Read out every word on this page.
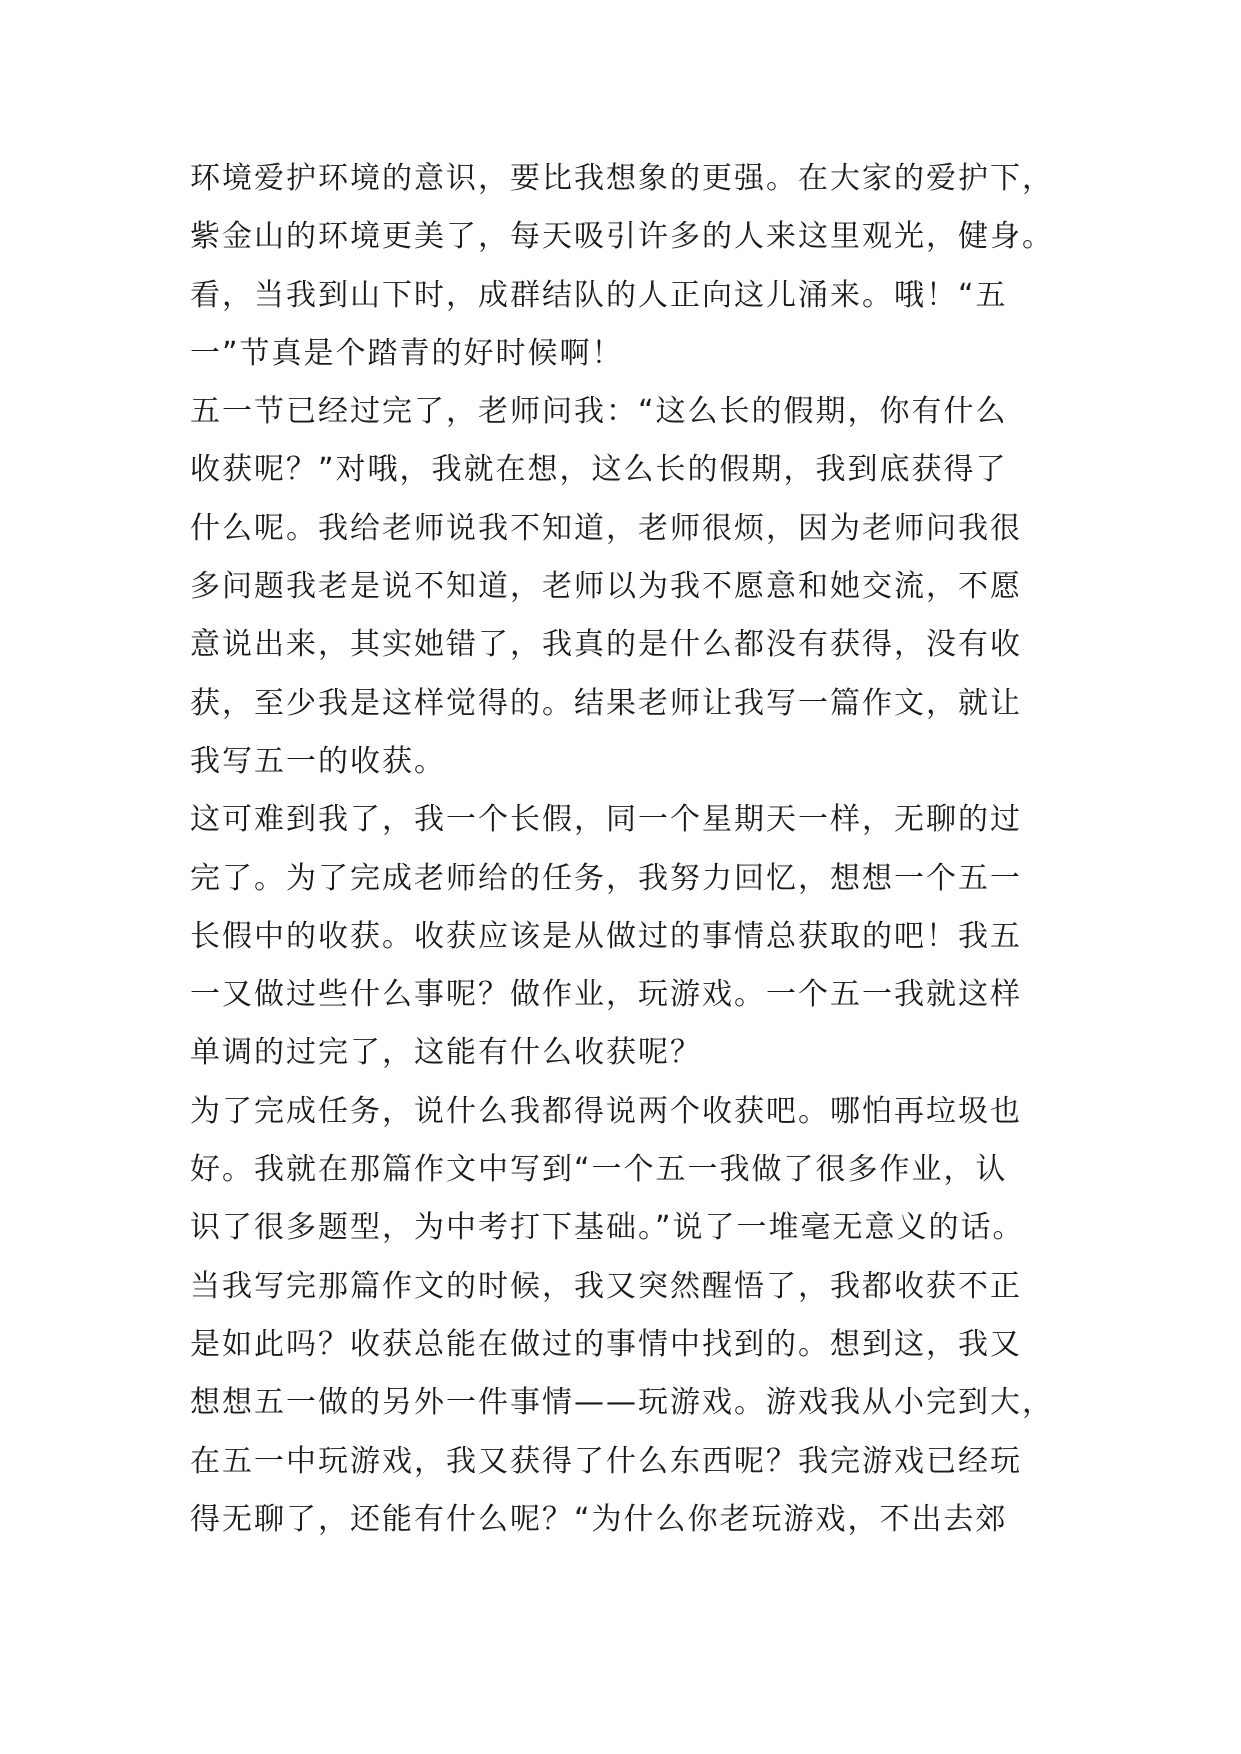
环境爱护环境的意识，要比我想象的更强。在大家的爱护下，
紫金山的环境更美了，每天吸引许多的人来这里观光，健身。
看，当我到山下时，成群结队的人正向这儿涌来。哦！“五
一”节真是个踏青的好时候啊！
五一节已经过完了，老师问我：“这么长的假期，你有什么
收获呢？”对哦，我就在想，这么长的假期，我到底获得了
什么呢。我给老师说我不知道，老师很烦，因为老师问我很
多问题我老是说不知道，老师以为我不愿意和她交流，不愿
意说出来，其实她错了，我真的是什么都没有获得，没有收
获，至少我是这样觉得的。结果老师让我写一篇作文，就让
我写五一的收获。
这可难到我了，我一个长假，同一个星期天一样，无聊的过
完了。为了完成老师给的任务，我努力回忆，想想一个五一
长假中的收获。收获应该是从做过的事情总获取的吧！我五
一又做过些什么事呢？做作业，玩游戏。一个五一我就这样
单调的过完了，这能有什么收获呢？
为了完成任务，说什么我都得说两个收获吧。哪怕再垃圾也
好。我就在那篇作文中写到“一个五一我做了很多作业，认
识了很多题型，为中考打下基础。”说了一堆毫无意义的话。
当我写完那篇作文的时候，我又突然醒悟了，我都收获不正
是如此吗？收获总能在做过的事情中找到的。想到这，我又
想想五一做的另外一件事情——玩游戏。游戏我从小完到大，
在五一中玩游戏，我又获得了什么东西呢？我完游戏已经玩
得无聊了，还能有什么呢？“为什么你老玩游戏，不出去郊
